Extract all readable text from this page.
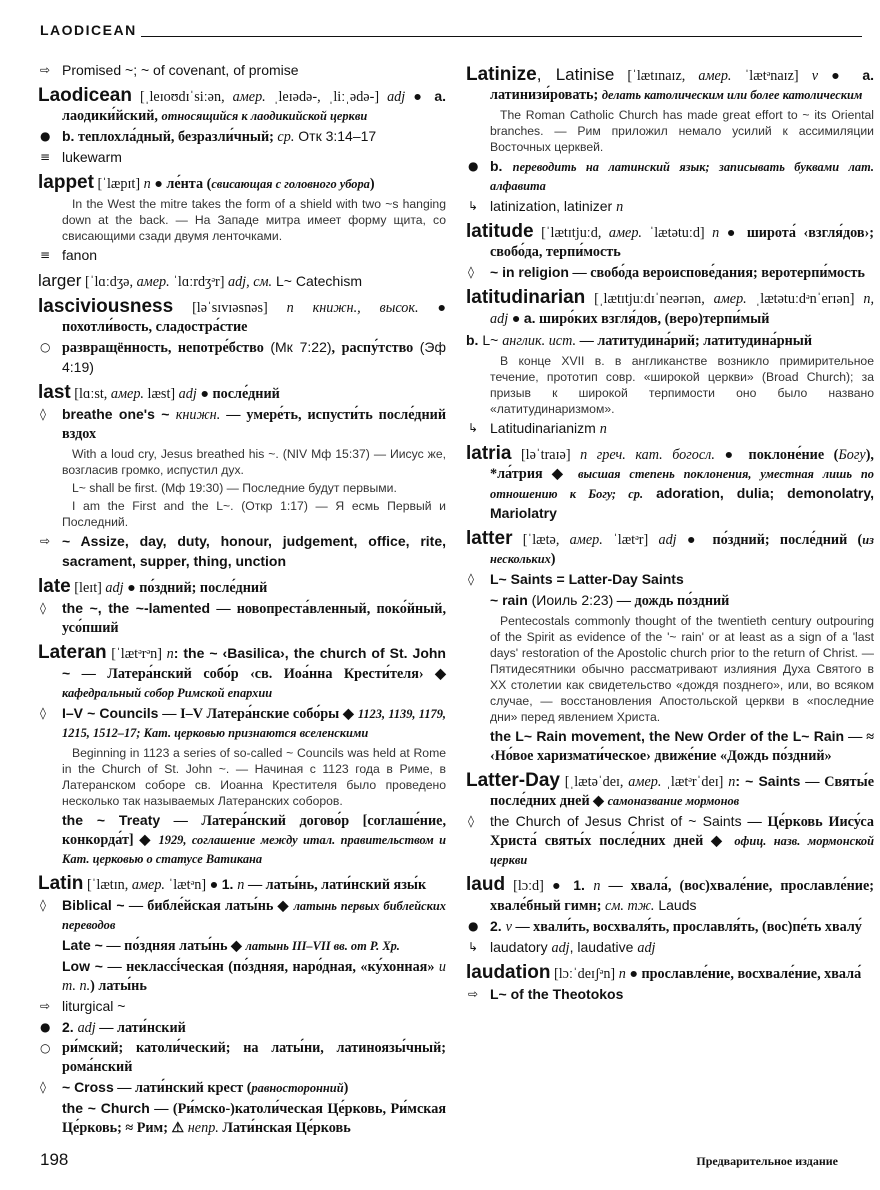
LAODICEAN

⇨ Promised ~; ~ of covenant, of promise

Laodicean [ˌleɪoʊdɪˈsiːən, амер. ˌleɪədə-, ˌliːˌədə-] adj ● a. лаодики́йский, относящийся к лаодикийской церкви

● b. теплохла́дный, безразли́чный; ср. Отк 3:14–17

≡ lukewarm

lappet [ˈlæpɪt] n ● ле́нта (свисающая с головного убора)

In the West the mitre takes the form of a shield with two ~s hanging down at the back. — На Западе митра имеет форму щита, со свисающими сзади двумя ленточками.

≡ fanon

larger [ˈlɑːdʒə, амер. ˈlɑːrdʒᵊr] adj, см. L~ Catechism

lasciviousness [ləˈsɪvɪəsnəs] n книжн., высок. ● похотли́вость, сладостра́стие

○ развращённость, непотре́бство (Мк 7:22), распу́тство (Эф 4:19)

last [lɑːst, амер. læst] adj ● после́дний

◊ breathe one's ~ книжн. — умере́ть, испусти́ть после́дний вздох

With a loud cry, Jesus breathed his ~. (NIV Мф 15:37) — Иисус же, возгласив громко, испустил дух.

L~ shall be first. (Мф 19:30) — Последние будут первыми.

I am the First and the L~. (Откр 1:17) — Я есмь Первый и Последний.

⇨ ~ Assize, day, duty, honour, judgement, office, rite, sacrament, supper, thing, unction

late [leɪt] adj ● по́здний; после́дний

◊ the ~, the ~-lamented — новопреста́вленный, поко́йный, усо́пший

Lateran [ˈlætᵊrᵊn] n: the ~ ‹Basilica›, the church of St. John ~ — Латера́нский собо́р ‹св. Иоа́нна Крести́теля› ◆ кафедральный собор Римской епархии

◊ I–V ~ Councils — I–V Латера́нские собо́ры ◆ 1123, 1139, 1179, 1215, 1512–17; Кат. церковью признаются вселенскими

Beginning in 1123 a series of so-called ~ Councils was held at Rome in the Church of St. John ~. — Начиная с 1123 года в Риме, в Латеранском соборе св. Иоанна Крестителя было проведено несколько так называемых Латеранских соборов.

the ~ Treaty — Латера́нский догово́р [соглаше́ние, конкорда́т] ◆ 1929, соглашение между итал. правительством и Кат. церковью о статусе Ватикана

Latin [ˈlætɪn, амер. ˈlætᵊn] ● 1. n — латы́нь, лати́нский язы́к

◊ Biblical ~ — библе́йская латы́нь ◆ латынь первых библейских переводов

Late ~ — по́здняя латы́нь ◆ латынь III–VII вв. от Р. Хр.

Low ~ — неклассі́ческая (по́здняя, наро́дная, «ку́хонная» и т. п.) латы́нь

⇨ liturgical ~

● 2. adj — лати́нский

○ ри́мский; католи́ческий; на латы́ни, латиноязы́чный; рома́нский

◊ ~ Cross — лати́нский крест (равносторонний)

the ~ Church — (Ри́мско-)католи́ческая Це́рковь, Ри́мская Це́рковь; ≈ Рим; ⚠ непр. Лати́нская Це́рковь

Latinize, Latinise [ˈlætɪnaɪz, амер. ˈlætᵊnaɪz] v ● a. латинизи́ровать; делать католическим или более католическим

The Roman Catholic Church has made great effort to ~ its Oriental branches. — Рим приложил немало усилий к ассимиляции Восточных церквей.

● b. переводить на латинский язык; записывать буквами лат. алфавита

↳ latinization, latinizer n

latitude [ˈlætɪtjuːd, амер. ˈlætətuːd] n ● широта́ ‹взгля́дов›; свобо́да, терпи́мость

◊ ~ in religion — свобо́да вероиспове́дания; веротерпи́мость

latitudinarian [ˌlætɪtjuːdɪˈneərɪən, амер. ˌlætətuːdᵊnˈerɪən] n, adj ● a. широ́ких взгля́дов, (веро)терпи́мый

b. L~ англик. ист. — латитудина́рий; латитудина́рный

В конце XVII в. в англиканстве возникло примирительное течение, прототип совр. «широкой церкви» (Broad Church); за призыв к широкой терпимости оно было названо «латитудинаризмом».

↳ Latitudinarianizm n

latria [ləˈtraɪə] n греч. кат. богосл. ● поклоне́ние (Богу), *ла́трия ◆ высшая степень поклонения, уместная лишь по отношению к Богу; ср. adoration, dulia; demonolatry, Mariolatry

latter [ˈlætə, амер. ˈlætᵊr] adj ● по́здний; после́дний (из нескольких)

◊ L~ Saints = Latter-Day Saints

~ rain (Иоиль 2:23) — дождь по́здний

Pentecostals commonly thought of the twentieth century outpouring of the Spirit as evidence of the '~ rain' or at least as a sign of a 'last days' restoration of the Apostolic church prior to the return of Christ. — Пятидесятники обычно рассматривают излияния Духа Святого в XX столетии как свидетельство «дождя позднего», или, во всяком случае, — восстановления Апостольской церкви в «последние дни» перед явлением Христа.

the L~ Rain movement, the New Order of the L~ Rain — ≈ ‹Но́вое харизмати́ческое› движе́ние «Дождь по́здний»

Latter-Day [ˌlætəˈdeɪ, амер. ˌlætᵊrˈdeɪ] n: ~ Saints — Святы́е после́дних дней ◆ самоназвание мормонов

◊ the Church of Jesus Christ of ~ Saints — Це́рковь Иису́са Христа́ святы́х после́дних дней ◆ офиц. назв. мормонской церкви

laud [lɔːd] ● 1. n — хвала́, (вос)хвале́ние, прославле́ние; хвале́бный гимн; см. тж. Lauds

● 2. v — хвали́ть, восхваля́ть, прославля́ть, (вос)пе́ть хвалу́

↳ laudatory adj, laudative adj

laudation [lɔːˈdeɪʃᵊn] n ● прославле́ние, восхвале́ние, хвала́

⇨ L~ of the Theotokos

198	Предварительное издание
